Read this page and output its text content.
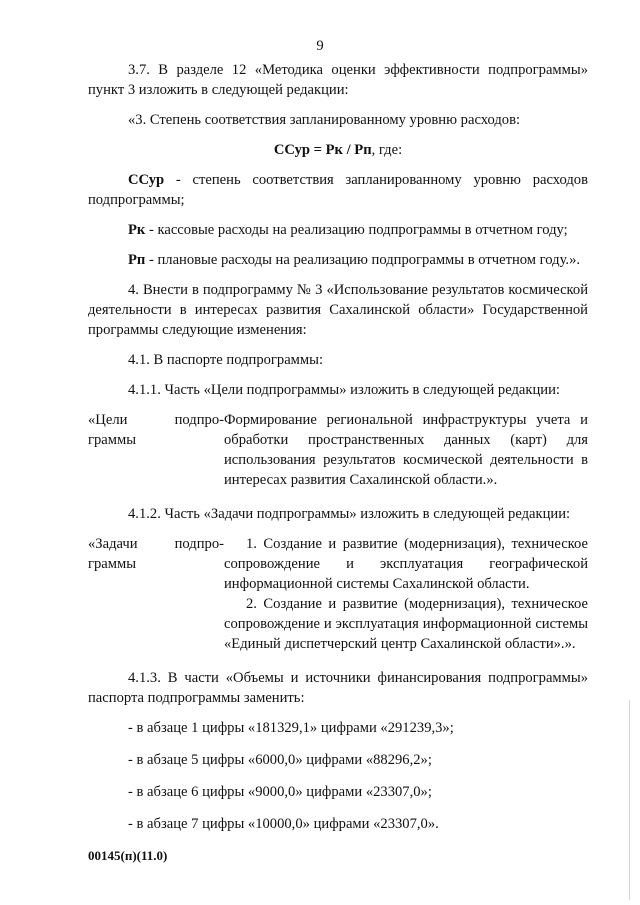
9
3.7. В разделе 12 «Методика оценки эффективности подпрограммы» пункт 3 изложить в следующей редакции:
«3. Степень соответствия запланированному уровню расходов:
ССур = Рк / Рп, где:
ССур - степень соответствия запланированному уровню расходов подпрограммы;
Рк - кассовые расходы на реализацию подпрограммы в отчетном году;
Рп - плановые расходы на реализацию подпрограммы в отчетном году.».
4. Внести в подпрограмму № 3 «Использование результатов космической деятельности в интересах развития Сахалинской области» Государственной программы следующие изменения:
4.1. В паспорте подпрограммы:
4.1.1. Часть «Цели подпрограммы» изложить в следующей редакции:
«Цели подпро-
граммы
Формирование региональной инфраструктуры учета и обработки пространственных данных (карт) для использования результатов космической деятельности в интересах развития Сахалинской области.».
4.1.2. Часть «Задачи подпрограммы» изложить в следующей редакции:
«Задачи подпро-
граммы
1. Создание и развитие (модернизация), техническое сопровождение и эксплуатация географической информационной системы Сахалинской области.
2. Создание и развитие (модернизация), техническое сопровождение и эксплуатация информационной системы «Единый диспетчерский центр Сахалинской области».».
4.1.3. В части «Объемы и источники финансирования подпрограммы» паспорта подпрограммы заменить:
- в абзаце 1 цифры «181329,1» цифрами «291239,3»;
- в абзаце 5 цифры «6000,0» цифрами «88296,2»;
- в абзаце 6 цифры «9000,0» цифрами «23307,0»;
- в абзаце 7 цифры «10000,0» цифрами «23307,0».
00145(п)(11.0)
